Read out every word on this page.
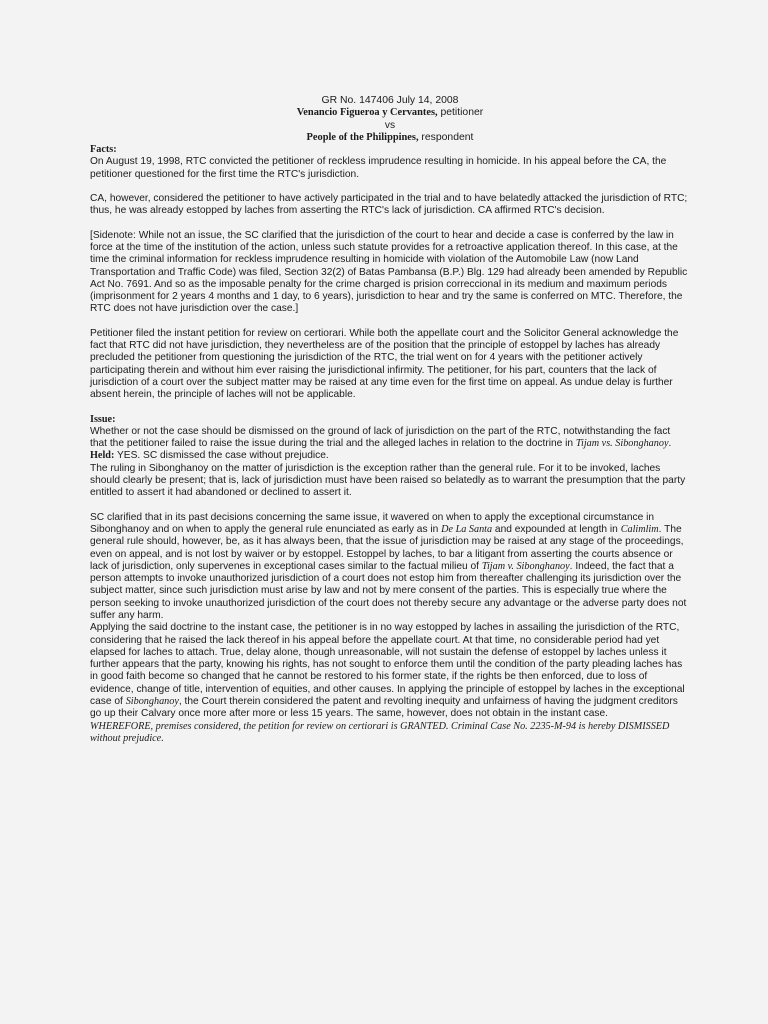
GR No. 147406 July 14, 2008

Venancio Figueroa y Cervantes, petitioner

vs

People of the Philippines, respondent

Facts:

On August 19, 1998, RTC convicted the petitioner of reckless imprudence resulting in homicide. In his appeal before the CA, the petitioner questioned for the first time the RTC's jurisdiction.

CA, however, considered the petitioner to have actively participated in the trial and to have belatedly attacked the jurisdiction of RTC; thus, he was already estopped by laches from asserting the RTC's lack of jurisdiction. CA affirmed RTC's decision.

[Sidenote: While not an issue, the SC clarified that the jurisdiction of the court to hear and decide a case is conferred by the law in force at the time of the institution of the action, unless such statute provides for a retroactive application thereof. In this case, at the time the criminal information for reckless imprudence resulting in homicide with violation of the Automobile Law (now Land Transportation and Traffic Code) was filed, Section 32(2) of Batas Pambansa (B.P.) Blg. 129 had already been amended by Republic Act No. 7691. And so as the imposable penalty for the crime charged is prision correccional in its medium and maximum periods (imprisonment for 2 years 4 months and 1 day, to 6 years), jurisdiction to hear and try the same is conferred on MTC. Therefore, the RTC does not have jurisdiction over the case.]

Petitioner filed the instant petition for review on certiorari. While both the appellate court and the Solicitor General acknowledge the fact that RTC did not have jurisdiction, they nevertheless are of the position that the principle of estoppel by laches has already precluded the petitioner from questioning the jurisdiction of the RTC, the trial went on for 4 years with the petitioner actively participating therein and without him ever raising the jurisdictional infirmity. The petitioner, for his part, counters that the lack of jurisdiction of a court over the subject matter may be raised at any time even for the first time on appeal. As undue delay is further absent herein, the principle of laches will not be applicable.

Issue:

Whether or not the case should be dismissed on the ground of lack of jurisdiction on the part of the RTC, notwithstanding the fact that the petitioner failed to raise the issue during the trial and the alleged laches in relation to the doctrine in Tijam vs. Sibonghanoy.

Held: YES. SC dismissed the case without prejudice.

The ruling in Sibonghanoy on the matter of jurisdiction is the exception rather than the general rule. For it to be invoked, laches should clearly be present; that is, lack of jurisdiction must have been raised so belatedly as to warrant the presumption that the party entitled to assert it had abandoned or declined to assert it.

SC clarified that in its past decisions concerning the same issue, it wavered on when to apply the exceptional circumstance in Sibonghanoy and on when to apply the general rule enunciated as early as in De La Santa and expounded at length in Calimlim. The general rule should, however, be, as it has always been, that the issue of jurisdiction may be raised at any stage of the proceedings, even on appeal, and is not lost by waiver or by estoppel. Estoppel by laches, to bar a litigant from asserting the courts absence or lack of jurisdiction, only supervenes in exceptional cases similar to the factual milieu of Tijam v. Sibonghanoy. Indeed, the fact that a person attempts to invoke unauthorized jurisdiction of a court does not estop him from thereafter challenging its jurisdiction over the subject matter, since such jurisdiction must arise by law and not by mere consent of the parties. This is especially true where the person seeking to invoke unauthorized jurisdiction of the court does not thereby secure any advantage or the adverse party does not suffer any harm.

Applying the said doctrine to the instant case, the petitioner is in no way estopped by laches in assailing the jurisdiction of the RTC, considering that he raised the lack thereof in his appeal before the appellate court. At that time, no considerable period had yet elapsed for laches to attach. True, delay alone, though unreasonable, will not sustain the defense of estoppel by laches unless it further appears that the party, knowing his rights, has not sought to enforce them until the condition of the party pleading laches has in good faith become so changed that he cannot be restored to his former state, if the rights be then enforced, due to loss of evidence, change of title, intervention of equities, and other causes. In applying the principle of estoppel by laches in the exceptional case of Sibonghanoy, the Court therein considered the patent and revolting inequity and unfairness of having the judgment creditors go up their Calvary once more after more or less 15 years. The same, however, does not obtain in the instant case.

WHEREFORE, premises considered, the petition for review on certiorari is GRANTED. Criminal Case No. 2235-M-94 is hereby DISMISSED without prejudice.
